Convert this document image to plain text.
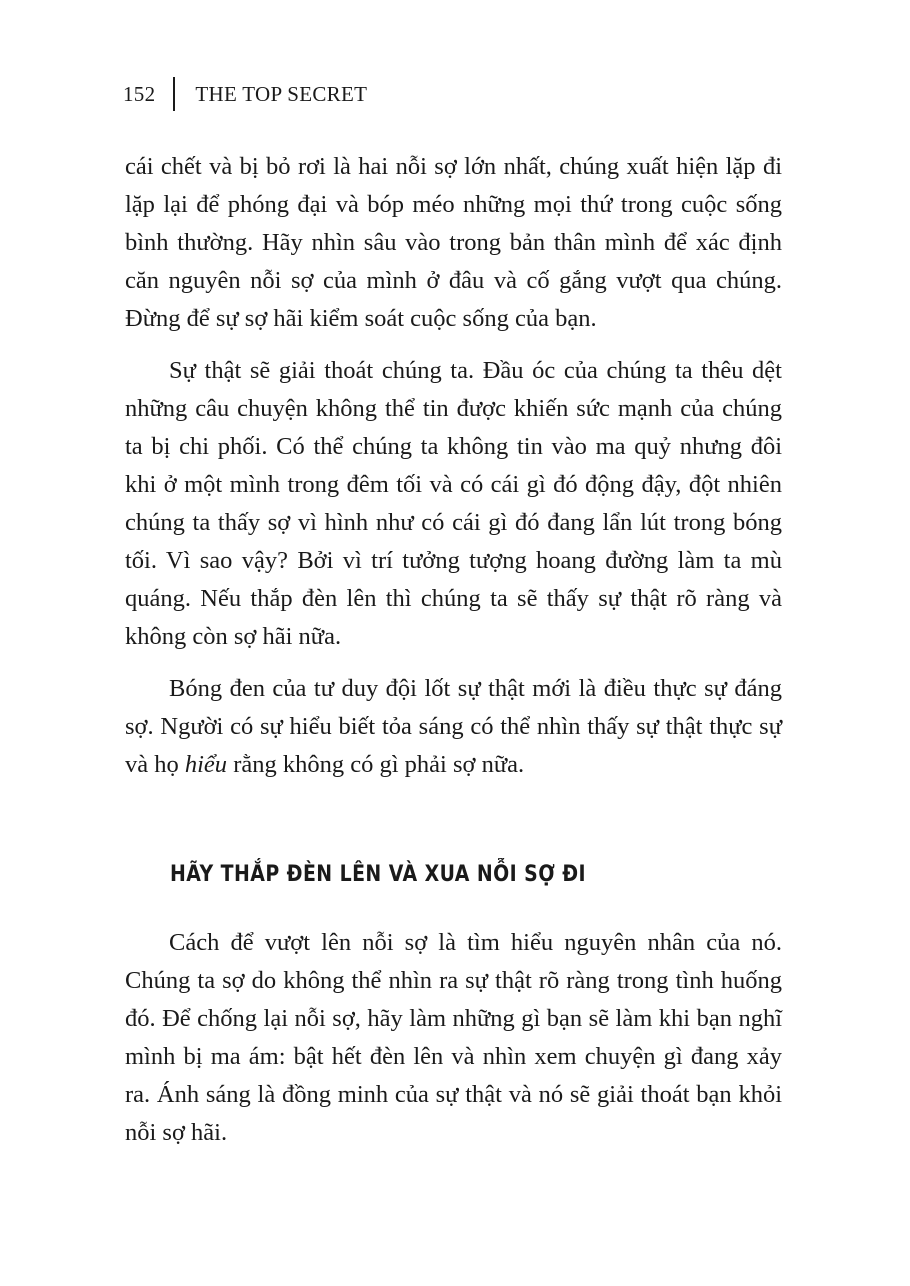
152 THE TOP SECRET

cái chết và bị bỏ rơi là hai nỗi sợ lớn nhất, chúng xuất hiện lặp đi lặp lại để phóng đại và bóp méo những mọi thứ trong cuộc sống bình thường. Hãy nhìn sâu vào trong bản thân mình để xác định căn nguyên nỗi sợ của mình ở đâu và cố gắng vượt qua chúng. Đừng để sự sợ hãi kiểm soát cuộc sống của bạn.

Sự thật sẽ giải thoát chúng ta. Đầu óc của chúng ta thêu dệt những câu chuyện không thể tin được khiến sức mạnh của chúng ta bị chi phối. Có thể chúng ta không tin vào ma quỷ nhưng đôi khi ở một mình trong đêm tối và có cái gì đó động đậy, đột nhiên chúng ta thấy sợ vì hình như có cái gì đó đang lẩn lút trong bóng tối. Vì sao vậy? Bởi vì trí tưởng tượng hoang đường làm ta mù quáng. Nếu thắp đèn lên thì chúng ta sẽ thấy sự thật rõ ràng và không còn sợ hãi nữa.

Bóng đen của tư duy đội lốt sự thật mới là điều thực sự đáng sợ. Người có sự hiểu biết tỏa sáng có thể nhìn thấy sự thật thực sự và họ hiểu rằng không có gì phải sợ nữa.

HÃY THẮP ĐÈN LÊN VÀ XUA NỖI SỢ ĐI

Cách để vượt lên nỗi sợ là tìm hiểu nguyên nhân của nó. Chúng ta sợ do không thể nhìn ra sự thật rõ ràng trong tình huống đó. Để chống lại nỗi sợ, hãy làm những gì bạn sẽ làm khi bạn nghĩ mình bị ma ám: bật hết đèn lên và nhìn xem chuyện gì đang xảy ra. Ánh sáng là đồng minh của sự thật và nó sẽ giải thoát bạn khỏi nỗi sợ hãi.
